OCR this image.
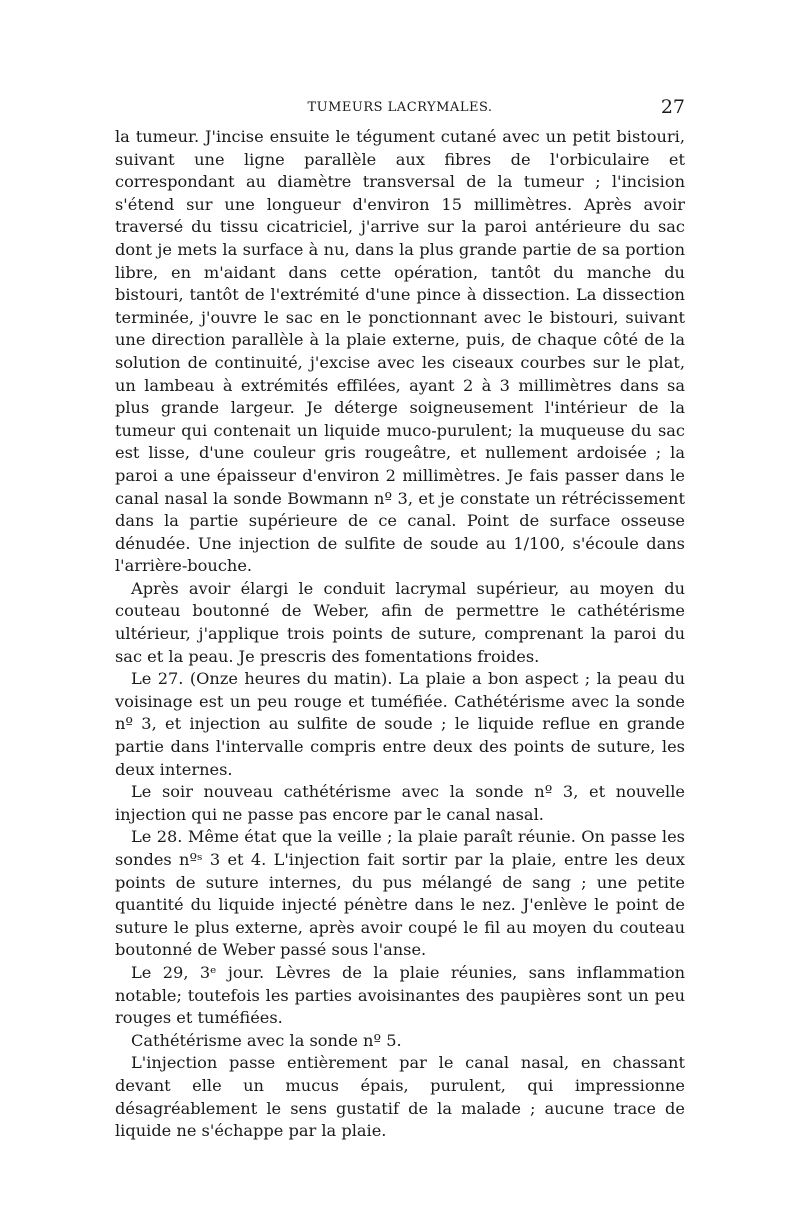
TUMEURS LACRYMALES.	27

la tumeur. J'incise ensuite le tégument cutané avec un petit bistouri, suivant une ligne parallèle aux fibres de l'orbiculaire et correspondant au diamètre transversal de la tumeur ; l'incision s'étend sur une longueur d'environ 15 millimètres. Après avoir traversé du tissu cicatriciel, j'arrive sur la paroi antérieure du sac dont je mets la surface à nu, dans la plus grande partie de sa portion libre, en m'aidant dans cette opération, tantôt du manche du bistouri, tantôt de l'extrémité d'une pince à dissection. La dissection terminée, j'ouvre le sac en le ponctionnant avec le bistouri, suivant une direction parallèle à la plaie externe, puis, de chaque côté de la solution de continuité, j'excise avec les ciseaux courbes sur le plat, un lambeau à extrémités effilées, ayant 2 à 3 millimètres dans sa plus grande largeur. Je déterge soigneusement l'intérieur de la tumeur qui contenait un liquide muco-purulent; la muqueuse du sac est lisse, d'une couleur gris rougeâtre, et nullement ardoisée ; la paroi a une épaisseur d'environ 2 millimètres. Je fais passer dans le canal nasal la sonde Bowmann nº 3, et je constate un rétrécissement dans la partie supérieure de ce canal. Point de surface osseuse dénudée. Une injection de sulfite de soude au 1/100, s'écoule dans l'arrière-bouche.

Après avoir élargi le conduit lacrymal supérieur, au moyen du couteau boutonné de Weber, afin de permettre le cathétérisme ultérieur, j'applique trois points de suture, comprenant la paroi du sac et la peau. Je prescris des fomentations froides.

Le 27. (Onze heures du matin). La plaie a bon aspect ; la peau du voisinage est un peu rouge et tuméfiée. Cathétérisme avec la sonde nº 3, et injection au sulfite de soude ; le liquide reflue en grande partie dans l'intervalle compris entre deux des points de suture, les deux internes.

Le soir nouveau cathétérisme avec la sonde nº 3, et nouvelle injection qui ne passe pas encore par le canal nasal.

Le 28. Même état que la veille ; la plaie paraît réunie. On passe les sondes nºˢ 3 et 4. L'injection fait sortir par la plaie, entre les deux points de suture internes, du pus mélangé de sang ; une petite quantité du liquide injecté pénètre dans le nez. J'enlève le point de suture le plus externe, après avoir coupé le fil au moyen du couteau boutonné de Weber passé sous l'anse.

Le 29, 3ᵉ jour. Lèvres de la plaie réunies, sans inflammation notable; toutefois les parties avoisinantes des paupières sont un peu rouges et tuméfiées.

Cathétérisme avec la sonde nº 5.

L'injection passe entièrement par le canal nasal, en chassant devant elle un mucus épais, purulent, qui impressionne désagréablement le sens gustatif de la malade ; aucune trace de liquide ne s'échappe par la plaie.
